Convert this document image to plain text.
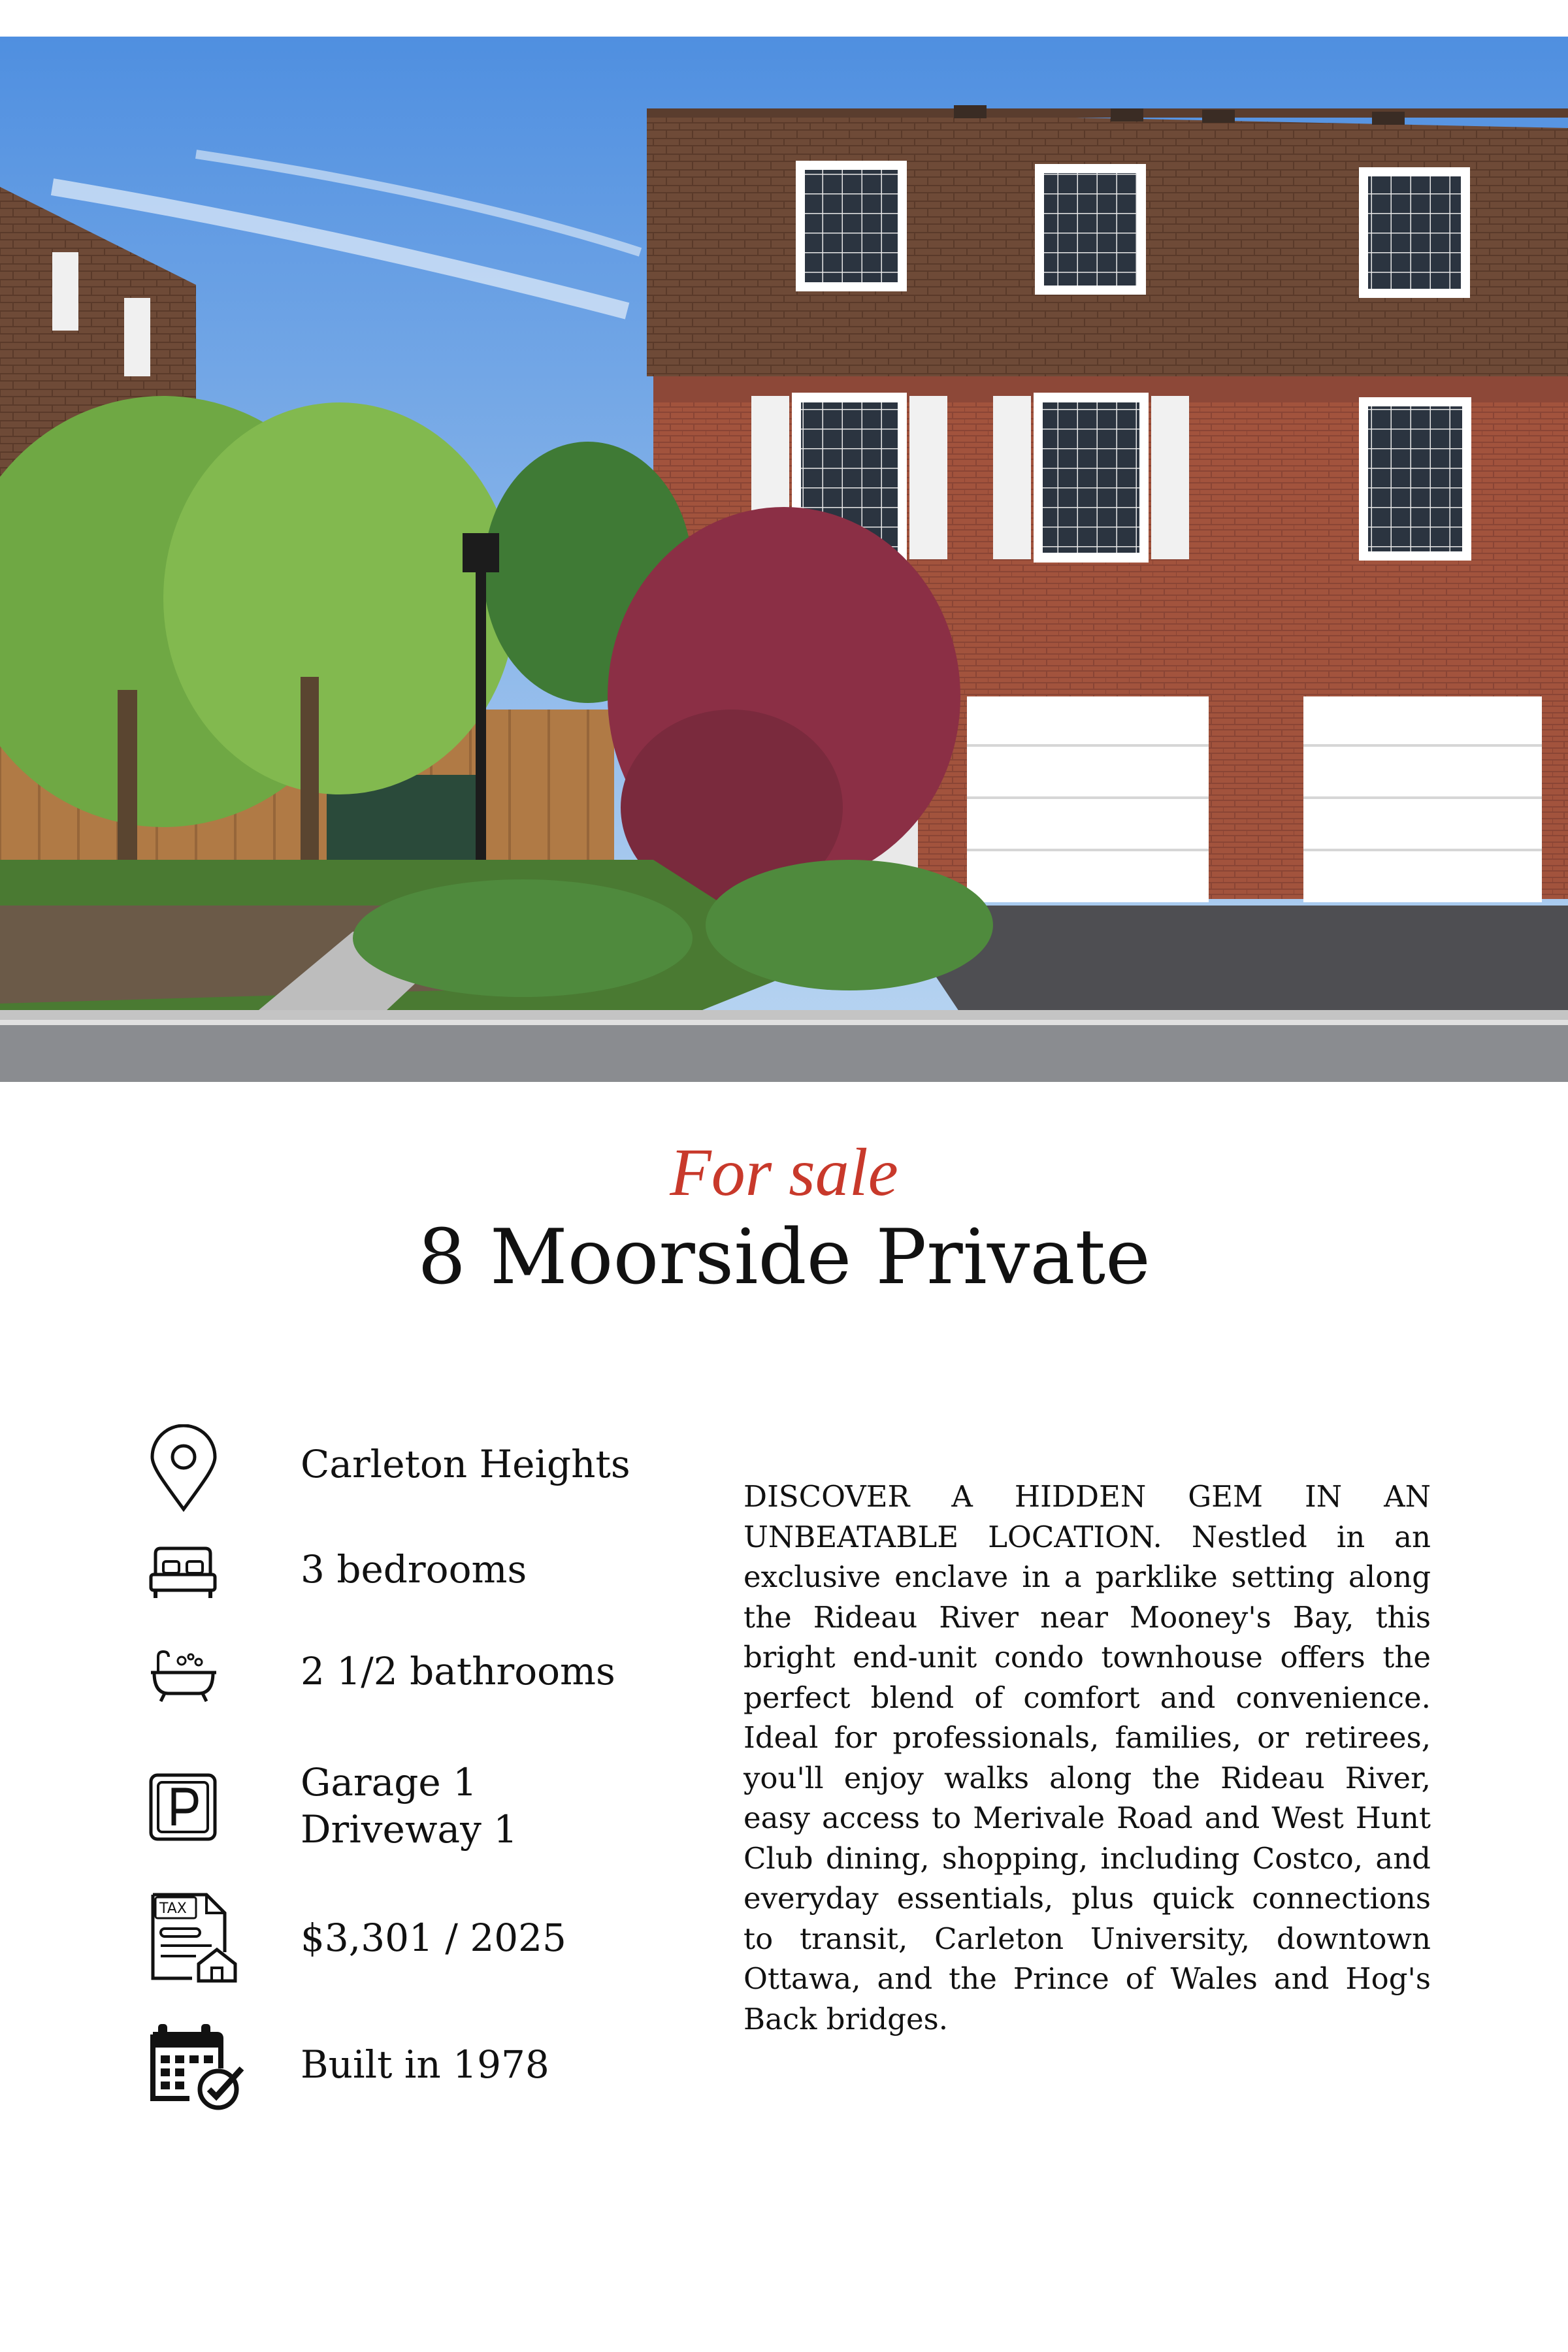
For sale
8 Moorside Private
Carleton Heights
3 bedrooms
2 1/2 bathrooms
Garage 1
Driveway 1
TAX
$3,301 / 2025
Built in 1978

DISCOVER A HIDDEN GEM IN AN UNBEATABLE LOCATION. Nestled in an exclusive enclave in a parklike setting along the Rideau River near Mooney's Bay, this bright end-unit condo townhouse offers the perfect blend of comfort and convenience. Ideal for professionals, families, or retirees, you'll enjoy walks along the Rideau River, easy access to Merivale Road and West Hunt Club dining, shopping, including Costco, and everyday essentials, plus quick connections to transit, Carleton University, downtown Ottawa, and the Prince of Wales and Hog's Back bridges.
